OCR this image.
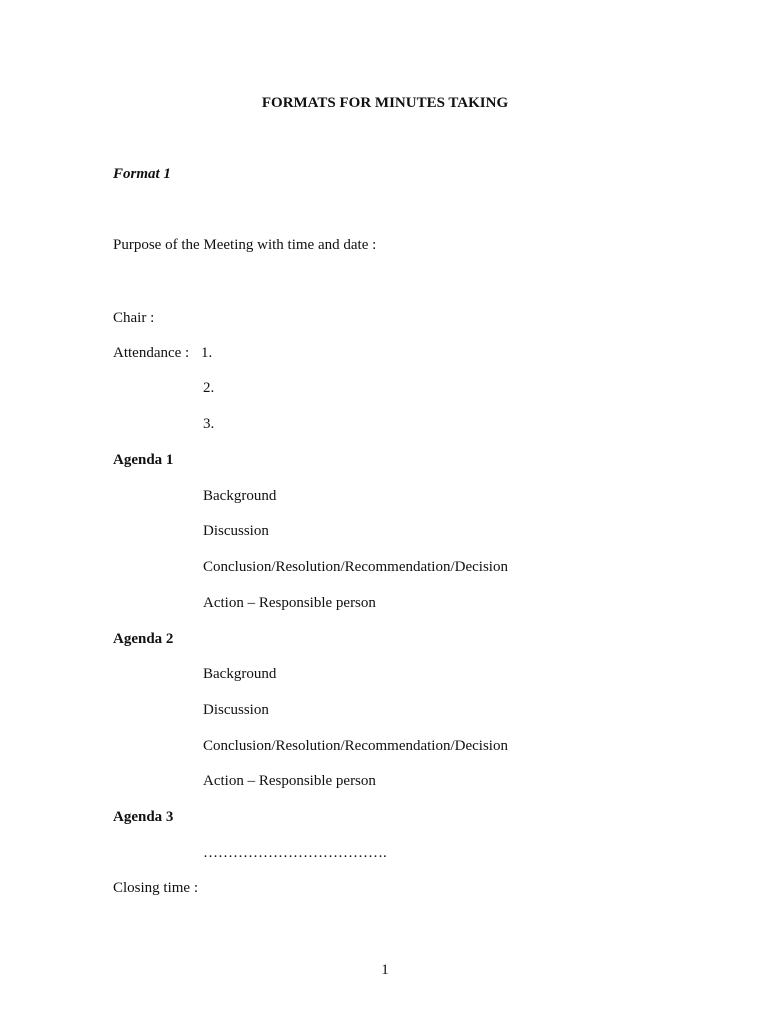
FORMATS FOR MINUTES TAKING
Format 1
Purpose of the Meeting with time and date :
Chair :
Attendance : 1.
2.
3.
Agenda 1
Background
Discussion
Conclusion/Resolution/Recommendation/Decision
Action – Responsible person
Agenda 2
Background
Discussion
Conclusion/Resolution/Recommendation/Decision
Action – Responsible person
Agenda 3
……………………………….
Closing time :
1
